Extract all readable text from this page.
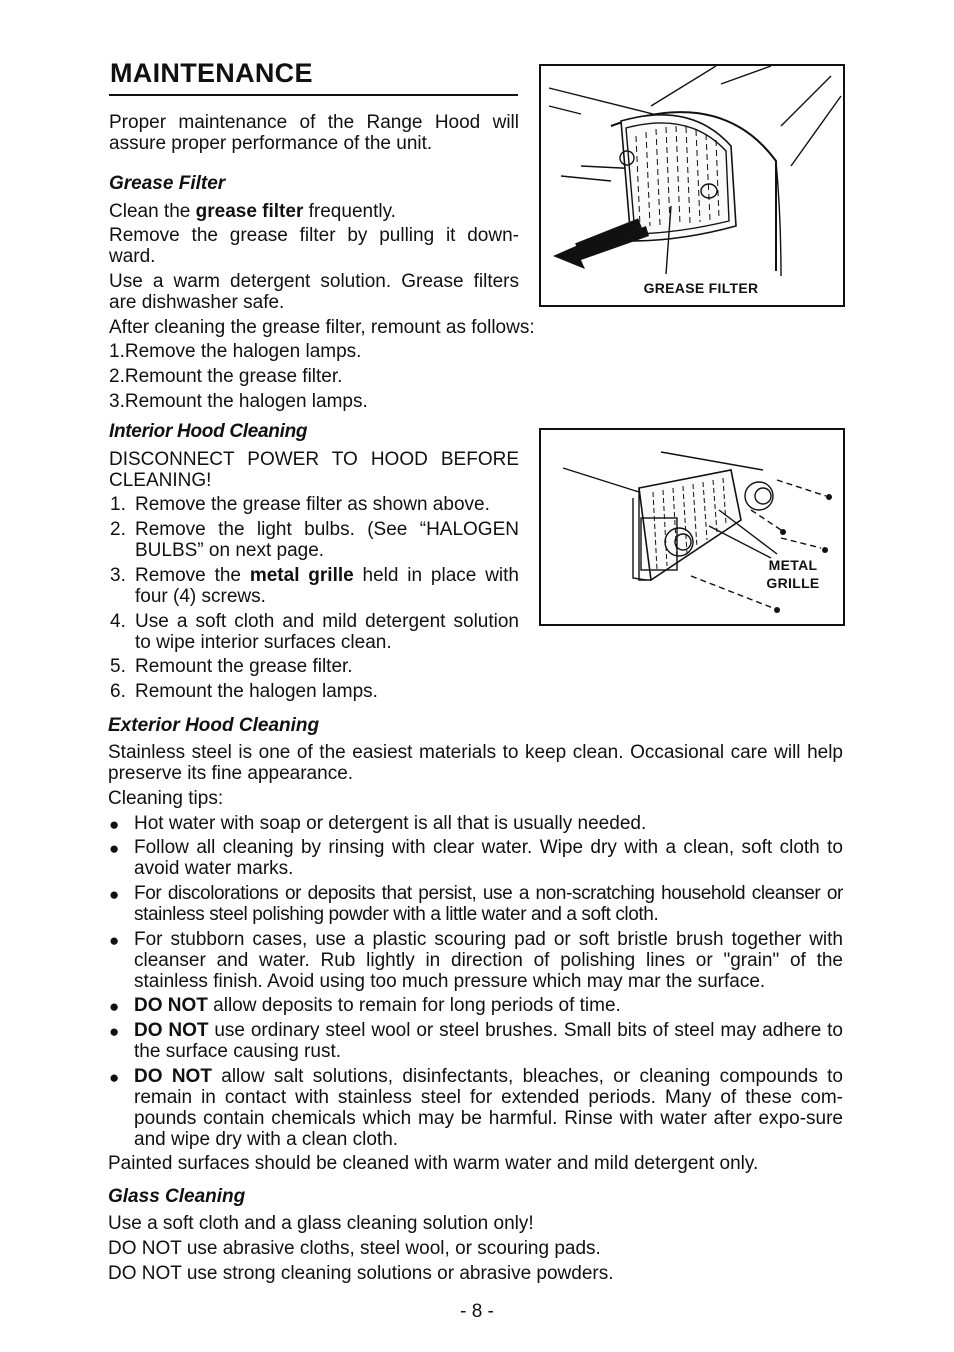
MAINTENANCE

Proper maintenance of the Range Hood will assure proper performance of the unit.

Grease Filter

Clean the grease filter frequently.

Remove the grease filter by pulling it down-ward.

Use a warm detergent solution. Grease filters are dishwasher safe.

After cleaning the grease filter, remount as follows:

1.Remove the halogen lamps.

2.Remount the grease filter.

3.Remount the halogen lamps.

GREASE FILTER

Interior Hood Cleaning

DISCONNECT POWER TO HOOD BEFORE CLEANING!

1. Remove the grease filter as shown above.
2. Remove the light bulbs. (See “HALOGEN BULBS” on next page.
3. Remove the metal grille held in place with four (4) screws.
4. Use a soft cloth and mild detergent solution to wipe interior surfaces clean.
5. Remount the grease filter.
6. Remount the halogen lamps.
METAL
GRILLE

Exterior Hood Cleaning

Stainless steel is one of the easiest materials to keep clean. Occasional care will help preserve its fine appearance.

Cleaning tips:

● Hot water with soap or detergent is all that is usually needed.
● Follow all cleaning by rinsing with clear water. Wipe dry with a clean, soft cloth to avoid water marks.
● For discolorations or deposits that persist, use a non-scratching household cleanser or stainless steel polishing powder with a little water and a soft cloth.
● For stubborn cases, use a plastic scouring pad or soft bristle brush together with cleanser and water. Rub lightly in direction of polishing lines or "grain" of the stainless finish. Avoid using too much pressure which may mar the surface.
● DO NOT allow deposits to remain for long periods of time.
● DO NOT use ordinary steel wool or steel brushes. Small bits of steel may adhere to the surface causing rust.
● DO NOT allow salt solutions, disinfectants, bleaches, or cleaning compounds to remain in contact with stainless steel for extended periods. Many of these com-pounds contain chemicals which may be harmful. Rinse with water after expo-sure and wipe dry with a clean cloth.

Painted surfaces should be cleaned with warm water and mild detergent only.

Glass Cleaning

Use a soft cloth and a glass cleaning solution only!

DO NOT use abrasive cloths, steel wool, or scouring pads.

DO NOT use strong cleaning solutions or abrasive powders.

- 8 -
